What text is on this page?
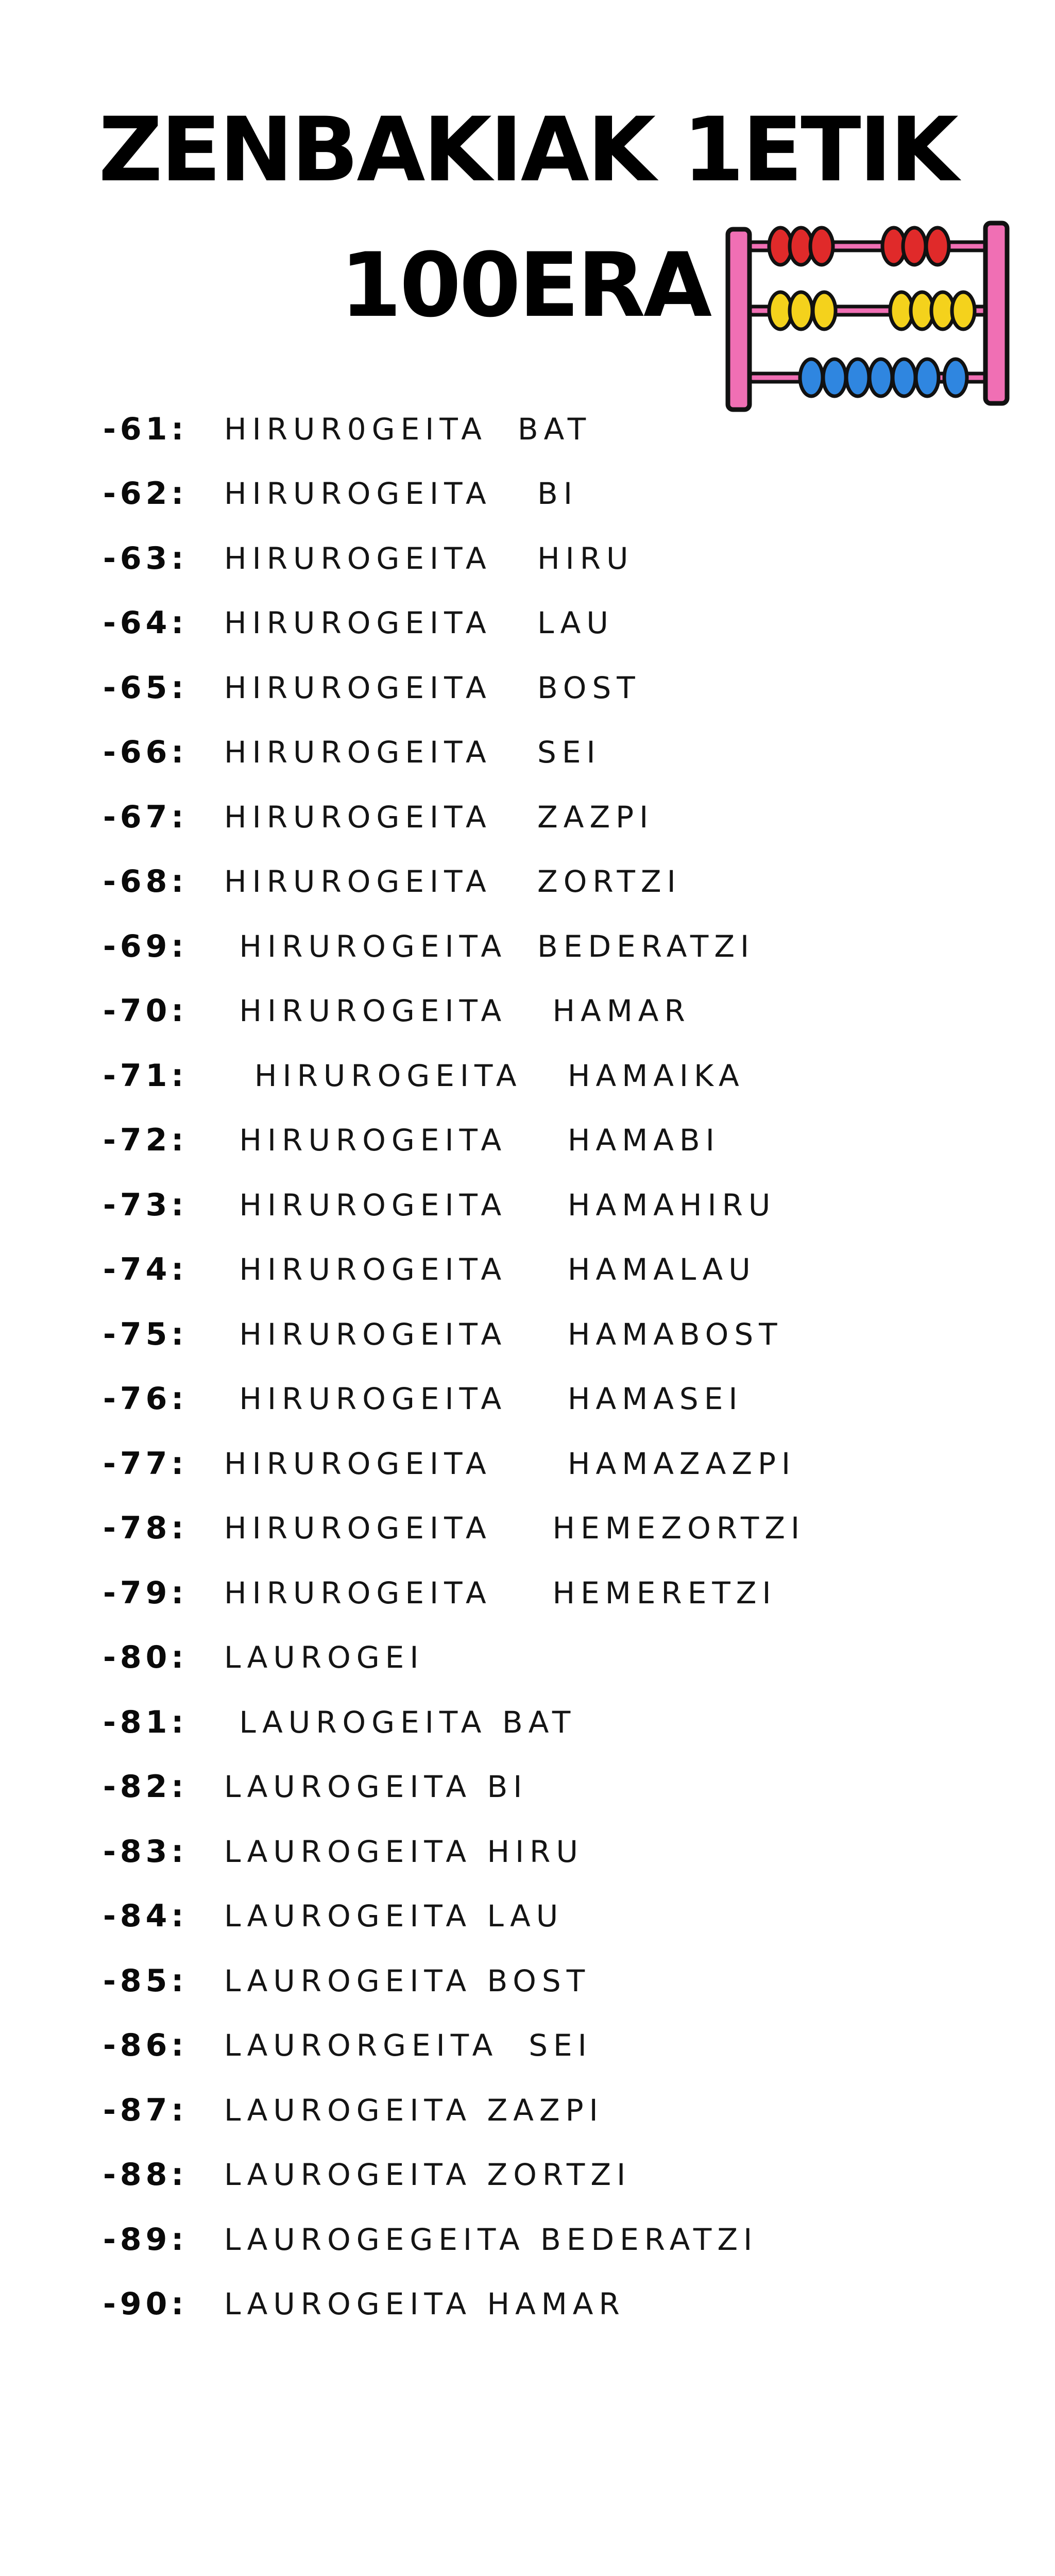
ZENBAKIAK 1ETIK
100ERA
-61:	HIRUR0GEITA  BAT
-62:	HIRUROGEITA   BI
-63:	HIRUROGEITA   HIRU
-64:	HIRUROGEITA   LAU
-65:	HIRUROGEITA   BOST
-66:	HIRUROGEITA   SEI
-67:	HIRUROGEITA   ZAZPI
-68:	HIRUROGEITA   ZORTZI
-69:	HIRUROGEITA  BEDERATZI
-70:	HIRUROGEITA   HAMAR
-71:	HIRUROGEITA   HAMAIKA
-72:	HIRUROGEITA    HAMABI
-73:	HIRUROGEITA    HAMAHIRU
-74:	HIRUROGEITA    HAMALAU
-75:	HIRUROGEITA    HAMABOST
-76:	HIRUROGEITA    HAMASEI
-77:	HIRUROGEITA     HAMAZAZPI
-78:	HIRUROGEITA    HEMEZORTZI
-79:	HIRUROGEITA    HEMERETZI
-80:	LAUROGEI
-81:	LAUROGEITA BAT
-82:	LAUROGEITA BI
-83:	LAUROGEITA HIRU
-84:	LAUROGEITA LAU
-85:	LAUROGEITA BOST
-86:	LAURORGEITA  SEI
-87:	LAUROGEITA ZAZPI
-88:	LAUROGEITA ZORTZI
-89:	LAUROGEGEITA BEDERATZI
-90:	LAUROGEITA HAMAR
